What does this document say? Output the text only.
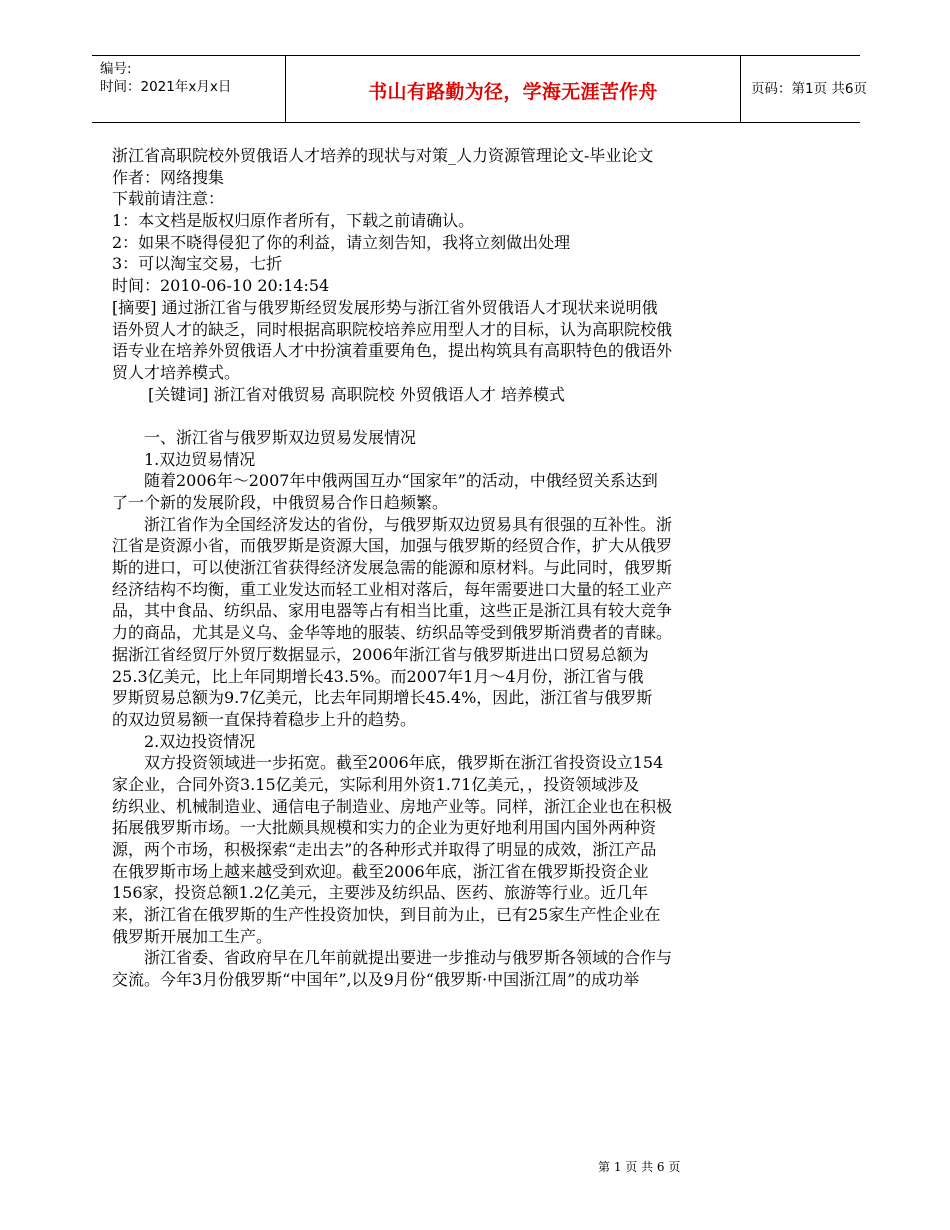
编号:
时间：2021年x月x日	书山有路勤为径，学海无涯苦作舟	页码：第1页 共6页
浙江省高职院校外贸俄语人才培养的现状与对策_人力资源管理论文-毕业论文
作者：网络搜集
下载前请注意：
1：本文档是版权归原作者所有，下载之前请确认。
2：如果不晓得侵犯了你的利益，请立刻告知，我将立刻做出处理
3：可以淘宝交易，七折
时间：2010-06-10 20:14:54
[摘要] 通过浙江省与俄罗斯经贸发展形势与浙江省外贸俄语人才现状来说明俄
语外贸人才的缺乏，同时根据高职院校培养应用型人才的目标，认为高职院校俄
语专业在培养外贸俄语人才中扮演着重要角色，提出构筑具有高职特色的俄语外
贸人才培养模式。
[关键词] 浙江省对俄贸易 高职院校 外贸俄语人才 培养模式
一、浙江省与俄罗斯双边贸易发展情况
1.双边贸易情况
随着2006年～2007年中俄两国互办“国家年”的活动，中俄经贸关系达到
了一个新的发展阶段，中俄贸易合作日趋频繁。
浙江省作为全国经济发达的省份，与俄罗斯双边贸易具有很强的互补性。浙
江省是资源小省，而俄罗斯是资源大国，加强与俄罗斯的经贸合作，扩大从俄罗
斯的进口，可以使浙江省获得经济发展急需的能源和原材料。与此同时，俄罗斯
经济结构不均衡，重工业发达而轻工业相对落后，每年需要进口大量的轻工业产
品，其中食品、纺织品、家用电器等占有相当比重，这些正是浙江具有较大竞争
力的商品，尤其是义乌、金华等地的服装、纺织品等受到俄罗斯消费者的青睐。
据浙江省经贸厅外贸厅数据显示，2006年浙江省与俄罗斯进出口贸易总额为
25.3亿美元，比上年同期增长43.5%。而2007年1月～4月份，浙江省与俄
罗斯贸易总额为9.7亿美元，比去年同期增长45.4%，因此，浙江省与俄罗斯
的双边贸易额一直保持着稳步上升的趋势。
2.双边投资情况
双方投资领域进一步拓宽。截至2006年底，俄罗斯在浙江省投资设立154
家企业，合同外资3.15亿美元，实际利用外资1.71亿美元，，投资领域涉及
纺织业、机械制造业、通信电子制造业、房地产业等。同样，浙江企业也在积极
拓展俄罗斯市场。一大批颇具规模和实力的企业为更好地利用国内国外两种资
源，两个市场，积极探索“走出去”的各种形式并取得了明显的成效，浙江产品
在俄罗斯市场上越来越受到欢迎。截至2006年底，浙江省在俄罗斯投资企业
156家，投资总额1.2亿美元，主要涉及纺织品、医药、旅游等行业。近几年
来，浙江省在俄罗斯的生产性投资加快，到目前为止，已有25家生产性企业在
俄罗斯开展加工生产。
浙江省委、省政府早在几年前就提出要进一步推动与俄罗斯各领域的合作与
交流。今年3月份俄罗斯“中国年”,以及9月份“俄罗斯·中国浙江周”的成功举
第 1 页 共 6 页
